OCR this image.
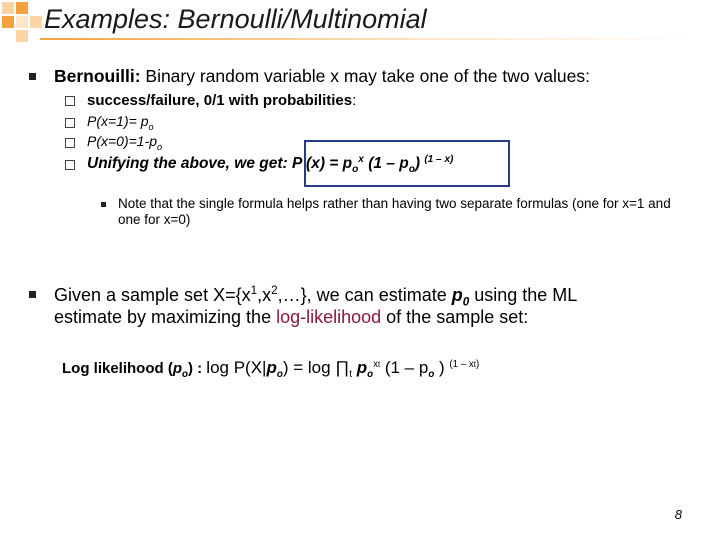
Examples: Bernoulli/Multinomial
Bernouilli: Binary random variable x may take one of the two values:
success/failure, 0/1 with probabilities:
$P(x=1)= p_o$
$P(x=0)=1-p_o$
Unifying the above, we get: P $(x) = p_o^x$ $(1 - p_o)$ $^{(1 - x)}$
Note that the single formula helps rather than having two separate formulas (one for x=1 and one for x=0)
Given a sample set $X=\{x^1,x^2,\dots\}$, we can estimate $p_0$ using the ML
estimate by maximizing the log-likelihood of the sample set:
Log likelihood $(p_o)$ : $\log P(X|p_o) = \log$ $\prod_t$ $p_o^{xt}$ ($1 - p_o$ ) $^{(1 - xt)}$
8
